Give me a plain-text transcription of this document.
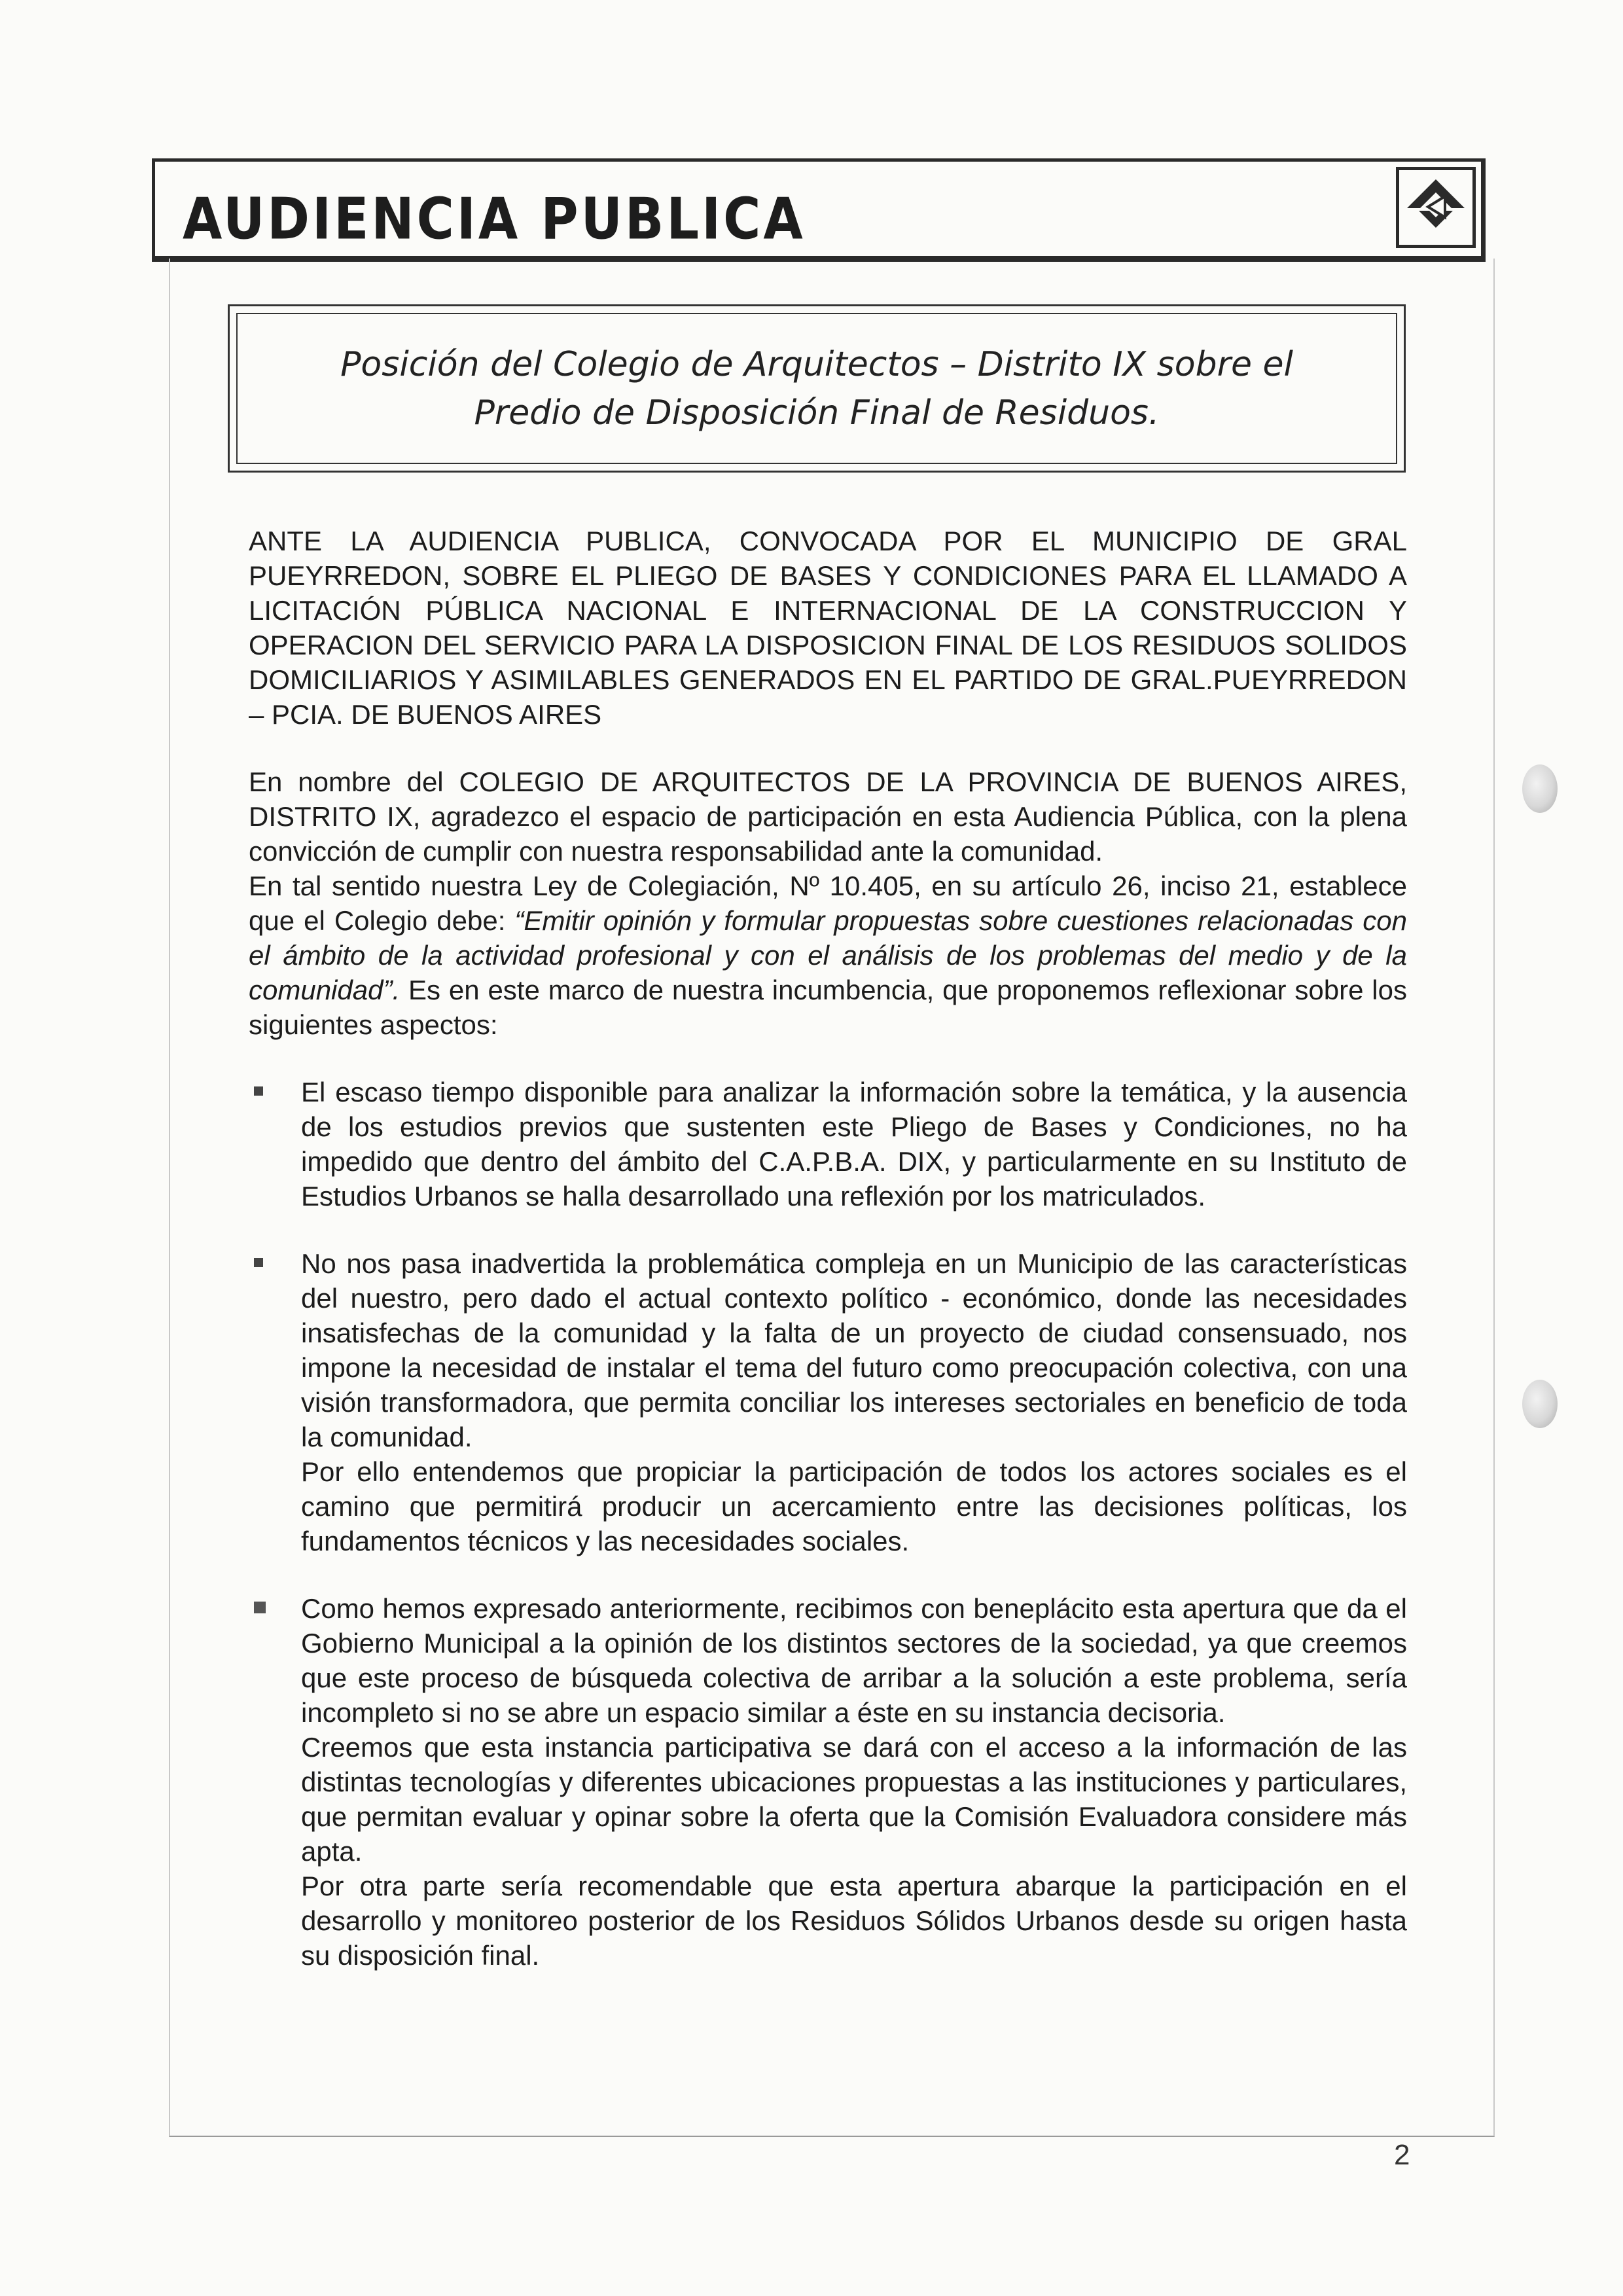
AUDIENCIA PUBLICA
Posición del Colegio de Arquitectos – Distrito IX sobre el
Predio de Disposición Final de Residuos.

ANTE LA AUDIENCIA PUBLICA, CONVOCADA POR EL MUNICIPIO DE GRAL PUEYRREDON, SOBRE EL PLIEGO DE BASES Y CONDICIONES PARA EL LLAMADO A LICITACIÓN PÚBLICA NACIONAL E INTERNACIONAL DE LA CONSTRUCCION Y OPERACION DEL SERVICIO PARA LA DISPOSICION FINAL DE LOS RESIDUOS SOLIDOS DOMICILIARIOS Y ASIMILABLES GENERADOS EN EL PARTIDO DE GRAL.PUEYRREDON – PCIA. DE BUENOS AIRES

En nombre del COLEGIO DE ARQUITECTOS DE LA PROVINCIA DE BUENOS AIRES, DISTRITO IX, agradezco el espacio de participación en esta Audiencia Pública, con la plena convicción de cumplir con nuestra responsabilidad ante la comunidad.

En tal sentido nuestra Ley de Colegiación, Nº 10.405, en su artículo 26, inciso 21, establece que el Colegio debe: “Emitir opinión y formular propuestas sobre cuestiones relacionadas con el ámbito de la actividad profesional y con el análisis de los problemas del medio y de la comunidad”. Es en este marco de nuestra incumbencia, que proponemos reflexionar sobre los siguientes aspectos:

El escaso tiempo disponible para analizar la información sobre la temática, y la ausencia de los estudios previos que sustenten este Pliego de Bases y Condiciones, no ha impedido que dentro del ámbito del C.A.P.B.A. DIX, y particularmente en su Instituto de Estudios Urbanos se halla desarrollado una reflexión por los matriculados.

No nos pasa inadvertida la problemática compleja en un Municipio de las características del nuestro, pero dado el actual contexto político - económico, donde las necesidades insatisfechas de la comunidad y la falta de un proyecto de ciudad consensuado, nos impone la necesidad de instalar el tema del futuro como preocupación colectiva, con una visión transformadora, que permita conciliar los intereses sectoriales en beneficio de toda la comunidad.

Por ello entendemos que propiciar la participación de todos los actores sociales es el camino que permitirá producir un acercamiento entre las decisiones políticas, los fundamentos técnicos y las necesidades sociales.

Como hemos expresado anteriormente, recibimos con beneplácito esta apertura que da el Gobierno Municipal a la opinión de los distintos sectores de la sociedad, ya que creemos que este proceso de búsqueda colectiva de arribar a la solución a este problema, sería incompleto si no se abre un espacio similar a éste en su instancia decisoria.

Creemos que esta instancia participativa se dará con el acceso a la información de las distintas tecnologías y diferentes ubicaciones propuestas a las instituciones y particulares, que permitan evaluar y opinar sobre la oferta que la Comisión Evaluadora considere más apta.

Por otra parte sería recomendable que esta apertura abarque la participación en el desarrollo y monitoreo posterior de los Residuos Sólidos Urbanos desde su origen hasta su disposición final.

2
